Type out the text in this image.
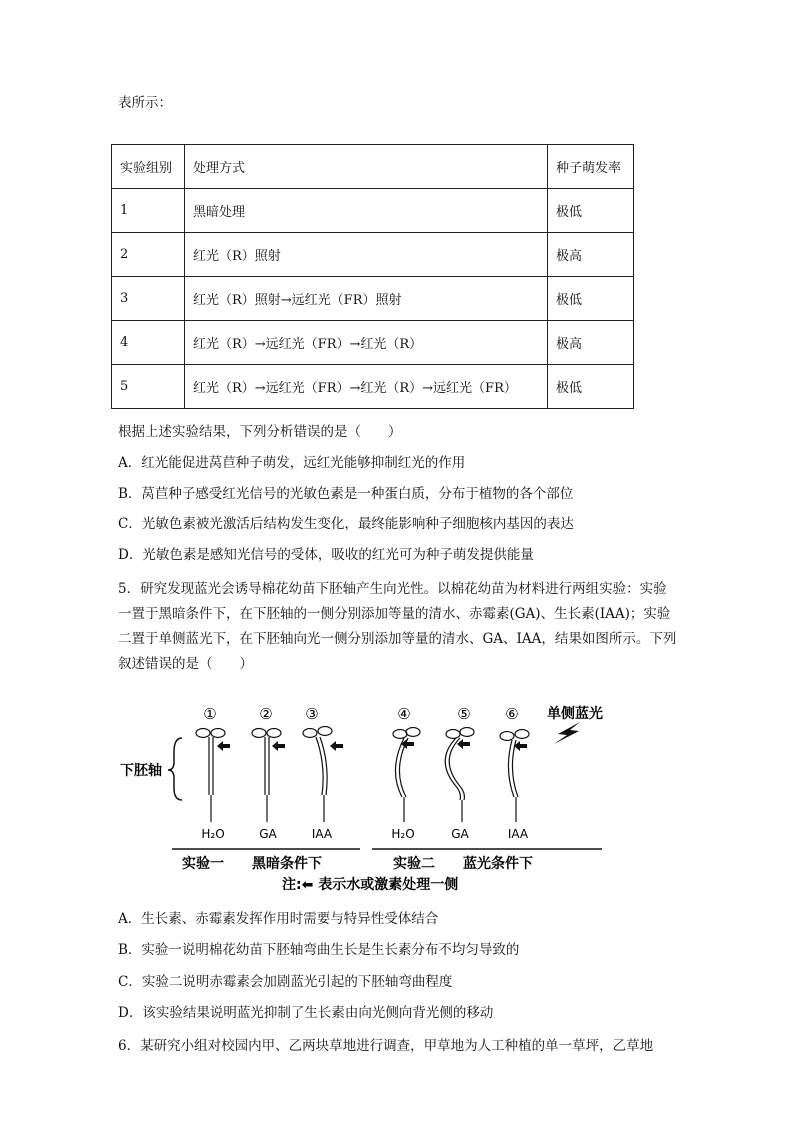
表所示：
实验组别	处理方式	种子萌发率
1	黑暗处理	极低
2	红光（R）照射	极高
3	红光（R）照射→远红光（FR）照射	极低
4	红光（R）→远红光（FR）→红光（R）	极高
5	红光（R）→远红光（FR）→红光（R）→远红光（FR）	极低
根据上述实验结果，下列分析错误的是（　　）
A．红光能促进莴苣种子萌发，远红光能够抑制红光的作用
B．莴苣种子感受红光信号的光敏色素是一种蛋白质，分布于植物的各个部位
C．光敏色素被光激活后结构发生变化，最终能影响种子细胞核内基因的表达
D．光敏色素是感知光信号的受体，吸收的红光可为种子萌发提供能量
5．研究发现蓝光会诱导棉花幼苗下胚轴产生向光性。以棉花幼苗为材料进行两组实验：实验一置于黑暗条件下，在下胚轴的一侧分别添加等量的清水、赤霉素(GA)、生长素(IAA)；实验二置于单侧蓝光下，在下胚轴向光一侧分别添加等量的清水、GA、IAA，结果如图所示。下列叙述错误的是（　　）
①	② ③	④	⑤ ⑥ 单侧蓝光
下胚轴
H₂O	GA	IAA	H₂O	GA	IAA
实验一　　黑暗条件下	实验二　　蓝光条件下
注:⬅ 表示水或激素处理一侧
A．生长素、赤霉素发挥作用时需要与特异性受体结合
B．实验一说明棉花幼苗下胚轴弯曲生长是生长素分布不均匀导致的
C．实验二说明赤霉素会加剧蓝光引起的下胚轴弯曲程度
D．该实验结果说明蓝光抑制了生长素由向光侧向背光侧的移动
6．某研究小组对校园内甲、乙两块草地进行调查，甲草地为人工种植的单一草坪，乙草地
